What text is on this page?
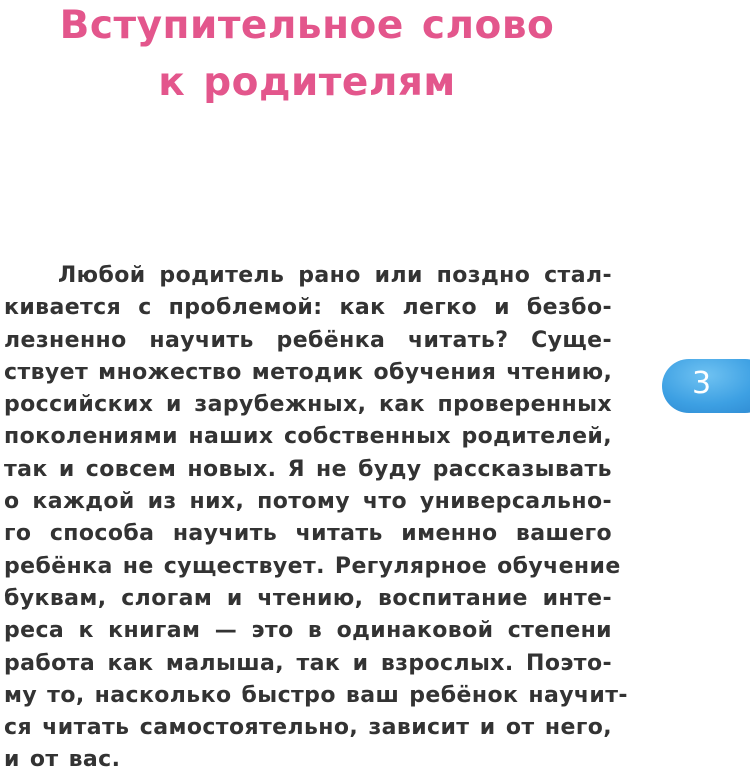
Вступительное слово
к родителям
Любой родитель рано или поздно стал-
кивается с проблемой: как легко и безбо-
лезненно научить ребёнка читать? Суще-
ствует множество методик обучения чтению,
российских и зарубежных, как проверенных
поколениями наших собственных родителей,
так и совсем новых. Я не буду рассказывать
о каждой из них, потому что универсально-
го способа научить читать именно вашего
ребёнка не существует. Регулярное обучение
буквам, слогам и чтению, воспитание инте-
реса к книгам — это в одинаковой степени
работа как малыша, так и взрослых. Поэто-
му то, насколько быстро ваш ребёнок научит-
ся читать самостоятельно, зависит и от него,
и от вас.
3
